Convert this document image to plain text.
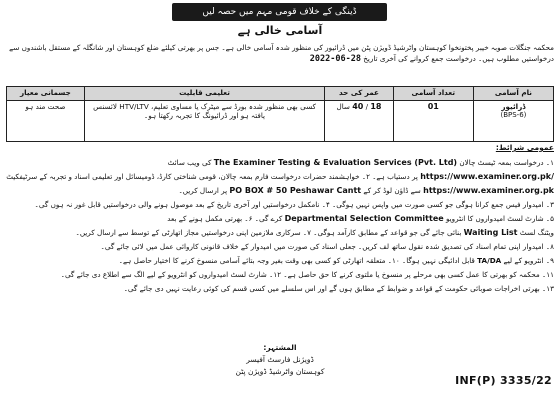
ڈینگی کے خلاف قومی مہم میں حصہ لیں
آسامی خالی ہے
محکمہ جنگلات صوبہ خیبر پختونخوا کوہستان واٹرشیڈ ڈویژن پٹن میں ڈرائیور کی منظور شدہ آسامی خالی ہے۔ جس پر بھرتی کیلئے ضلع کوہستان اور شانگلہ کے مستقل باشندوں سے درخواستیں مطلوب ہیں۔ درخواست جمع کروانے کی آخری تاریخ 28-06-2022
نام آسامی	تعداد آسامی	عمر کی حد	تعلیمی قابلیت	جسمانی معیار

ڈرائیور
(BPS-6)	01	18 / 40 سال	کسی بھی منظور شدہ بورڈ سے میٹرک یا مساوی تعلیم، HTV/LTV لائسنس یافتہ ہو اور ڈرائیونگ کا تجربہ رکھتا ہو۔	صحت مند ہو
عمومی شرائط:
۱۔ درخواست بمعہ ٹیسٹ چالان The Examiner Testing & Evaluation Services (Pvt. Ltd) کی ویب سائٹ
https://www.examiner.org.pk/ پر دستیاب ہے۔ ۲۔ خواہشمند حضرات درخواست فارم بمعہ چالان، قومی شناختی کارڈ، ڈومیسائل اور تعلیمی اسناد و تجربہ کے سرٹیفکیٹ
https://www.examiner.org.pk سے ڈاؤن لوڈ کر کے PO BOX # 50 Peshawar Cantt پر ارسال کریں۔
۳۔ امیدوار فیس جمع کرانا ہوگی جو کسی صورت میں واپس نہیں ہوگی۔ ۴۔ نامکمل درخواستیں اور آخری تاریخ کے بعد موصول ہونے والی درخواستیں قابل غور نہ ہوں گی۔
۵۔ شارٹ لسٹ امیدواروں کا انٹرویو Departmental Selection Committee کرے گی۔ ۶۔ بھرتی مکمل ہونے کے بعد
ویٹنگ لسٹ Waiting List بنائی جائے گی جو قواعد کے مطابق کارآمد ہوگی۔ ۷۔ سرکاری ملازمین اپنی درخواستیں مجاز اتھارٹی کے توسط سے ارسال کریں۔
۸۔ امیدوار اپنی تمام اسناد کی تصدیق شدہ نقول ساتھ لف کریں۔ جعلی اسناد کی صورت میں امیدوار کے خلاف قانونی کاروائی عمل میں لائی جائے گی۔
۹۔ انٹرویو کے لیے TA/DA قابل ادائیگی نہیں ہوگا۔ ۱۰۔ متعلقہ اتھارٹی کو کسی بھی وقت بغیر وجہ بتائے آسامی منسوخ کرنے کا اختیار حاصل ہے۔
۱۱۔ محکمہ کو بھرتی کا عمل کسی بھی مرحلے پر منسوخ یا ملتوی کرنے کا حق حاصل ہے۔ ۱۲۔ شارٹ لسٹ امیدواروں کو انٹرویو کے لیے الگ سے اطلاع دی جائے گی۔
۱۳۔ بھرتی اخراجات صوبائی حکومت کے قواعد و ضوابط کے مطابق ہوں گے اور اس سلسلے میں کسی قسم کی کوئی رعایت نہیں دی جائے گی۔
المشتہر:
ڈویژنل فارسٹ آفیسر
کوہستان واٹرشیڈ ڈویژن پٹن
INF(P) 3335/22
